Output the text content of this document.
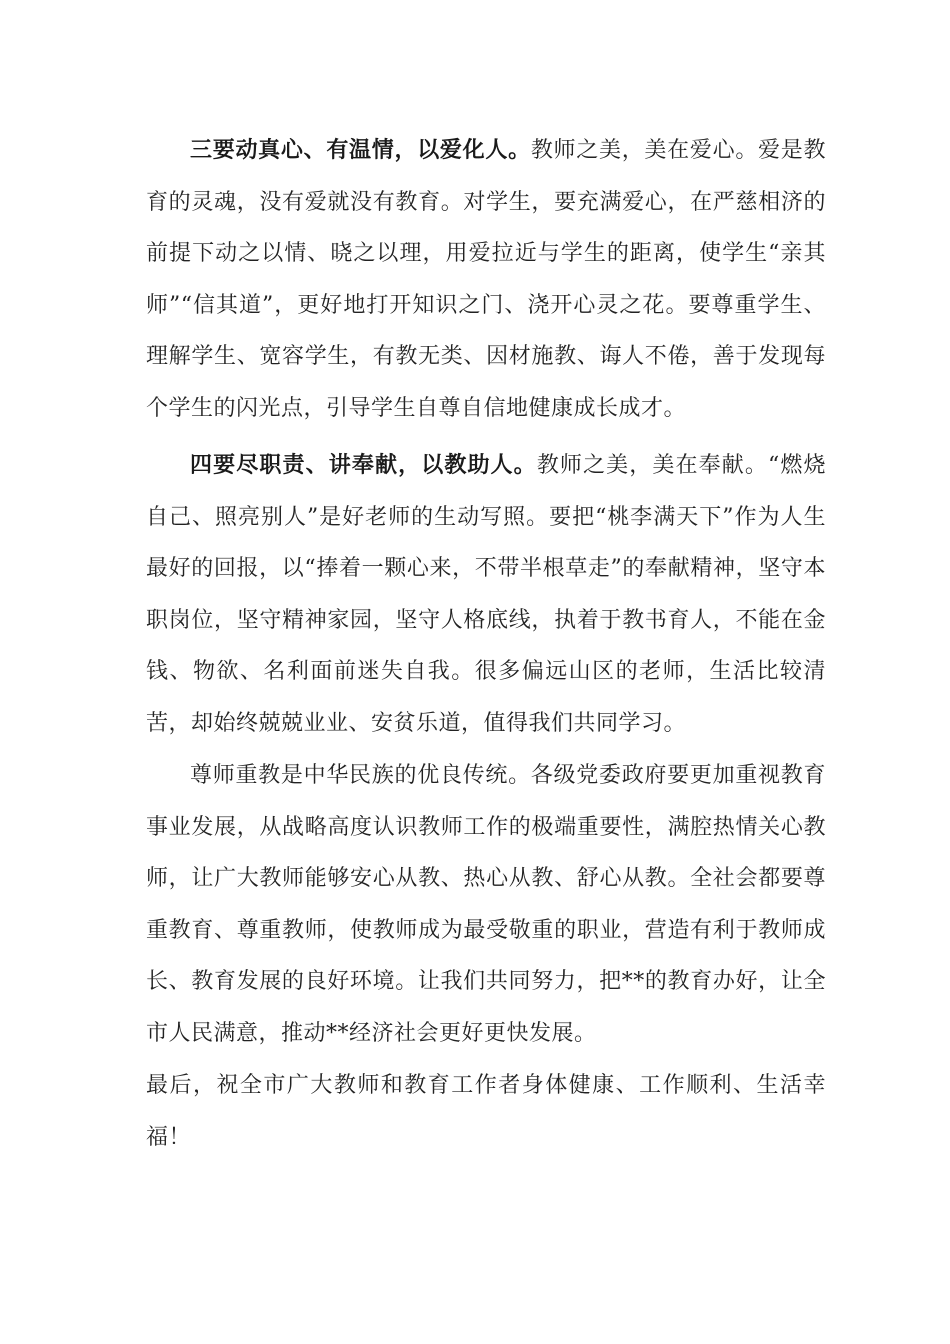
三要动真心、有温情，以爱化人。教师之美，美在爱心。爱是教育的灵魂，没有爱就没有教育。对学生，要充满爱心，在严慈相济的前提下动之以情、晓之以理，用爱拉近与学生的距离，使学生“亲其师”“信其道”，更好地打开知识之门、浇开心灵之花。要尊重学生、理解学生、宽容学生，有教无类、因材施教、诲人不倦，善于发现每个学生的闪光点，引导学生自尊自信地健康成长成才。
四要尽职责、讲奉献，以教助人。教师之美，美在奉献。“燃烧自己、照亮别人”是好老师的生动写照。要把“桃李满天下”作为人生最好的回报，以“捧着一颗心来，不带半根草走”的奉献精神，坚守本职岗位，坚守精神家园，坚守人格底线，执着于教书育人，不能在金钱、物欲、名利面前迷失自我。很多偏远山区的老师，生活比较清苦，却始终兢兢业业、安贫乐道，值得我们共同学习。
尊师重教是中华民族的优良传统。各级党委政府要更加重视教育事业发展，从战略高度认识教师工作的极端重要性，满腔热情关心教师，让广大教师能够安心从教、热心从教、舒心从教。全社会都要尊重教育、尊重教师，使教师成为最受敬重的职业，营造有利于教师成长、教育发展的良好环境。让我们共同努力，把**的教育办好，让全市人民满意，推动**经济社会更好更快发展。
最后，祝全市广大教师和教育工作者身体健康、工作顺利、生活幸福！
